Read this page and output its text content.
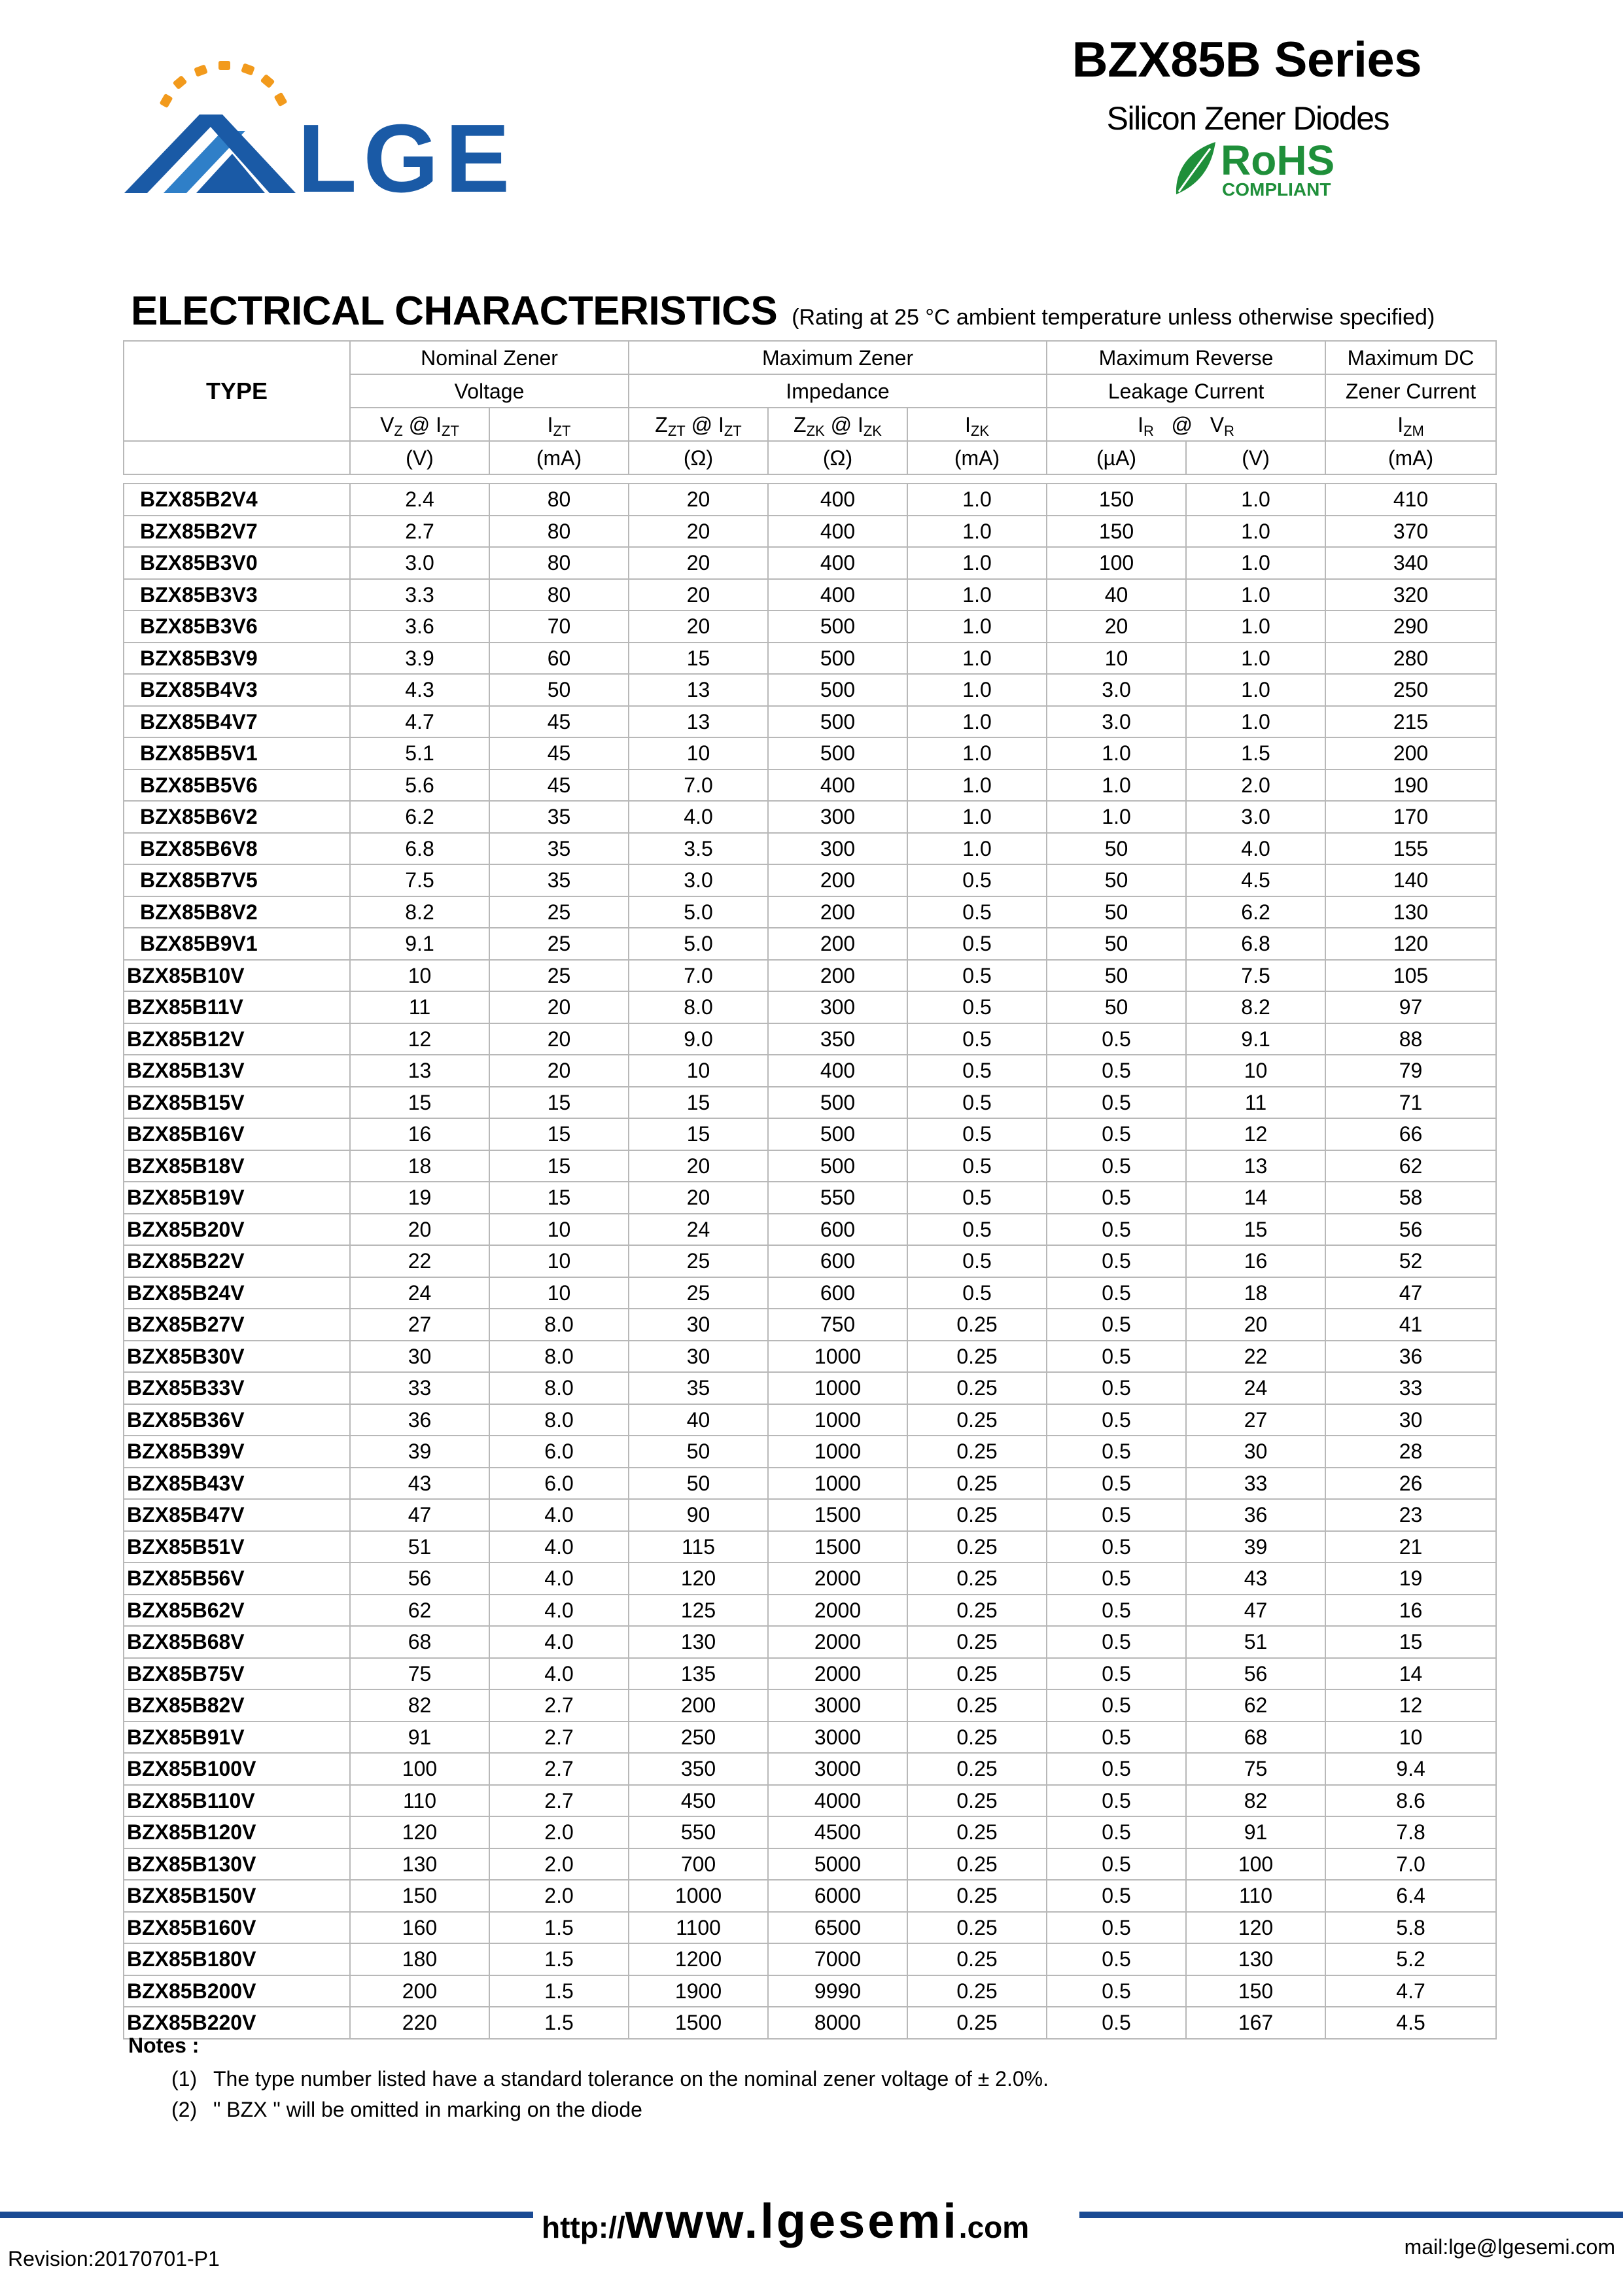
LGE
BZX85B Series
Silicon Zener Diodes
RoHS
COMPLIANT
ELECTRICAL CHARACTERISTICS (Rating at 25 °C ambient temperature unless otherwise specified)
TYPE	Nominal Zener		Maximum Zener			Maximum Reverse		Maximum DC
	Voltage		Impedance			Leakage Current		Zener Current
	$V_Z$ @ $I_{ZT}$	$I_{ZT}$	$Z_{ZT}$ @ $I_{ZT}$	$Z_{ZK}$ @ $I_{ZK}$	$I_{ZK}$	$I_R$ @ $V_R$		$I_{ZM}$
	(V)	(mA)	(Ω)	(Ω)	(mA)	(µA)	(V)	(mA)

BZX85B2V4	2.4	80	20	400	1.0	150	1.0	410
BZX85B2V7	2.7	80	20	400	1.0	150	1.0	370
BZX85B3V0	3.0	80	20	400	1.0	100	1.0	340
BZX85B3V3	3.3	80	20	400	1.0	40	1.0	320
BZX85B3V6	3.6	70	20	500	1.0	20	1.0	290
BZX85B3V9	3.9	60	15	500	1.0	10	1.0	280
BZX85B4V3	4.3	50	13	500	1.0	3.0	1.0	250
BZX85B4V7	4.7	45	13	500	1.0	3.0	1.0	215
BZX85B5V1	5.1	45	10	500	1.0	1.0	1.5	200
BZX85B5V6	5.6	45	7.0	400	1.0	1.0	2.0	190
BZX85B6V2	6.2	35	4.0	300	1.0	1.0	3.0	170
BZX85B6V8	6.8	35	3.5	300	1.0	50	4.0	155
BZX85B7V5	7.5	35	3.0	200	0.5	50	4.5	140
BZX85B8V2	8.2	25	5.0	200	0.5	50	6.2	130
BZX85B9V1	9.1	25	5.0	200	0.5	50	6.8	120
BZX85B10V	10	25	7.0	200	0.5	50	7.5	105
BZX85B11V	11	20	8.0	300	0.5	50	8.2	97
BZX85B12V	12	20	9.0	350	0.5	0.5	9.1	88
BZX85B13V	13	20	10	400	0.5	0.5	10	79
BZX85B15V	15	15	15	500	0.5	0.5	11	71
BZX85B16V	16	15	15	500	0.5	0.5	12	66
BZX85B18V	18	15	20	500	0.5	0.5	13	62
BZX85B19V	19	15	20	550	0.5	0.5	14	58
BZX85B20V	20	10	24	600	0.5	0.5	15	56
BZX85B22V	22	10	25	600	0.5	0.5	16	52
BZX85B24V	24	10	25	600	0.5	0.5	18	47
BZX85B27V	27	8.0	30	750	0.25	0.5	20	41
BZX85B30V	30	8.0	30	1000	0.25	0.5	22	36
BZX85B33V	33	8.0	35	1000	0.25	0.5	24	33
BZX85B36V	36	8.0	40	1000	0.25	0.5	27	30
BZX85B39V	39	6.0	50	1000	0.25	0.5	30	28
BZX85B43V	43	6.0	50	1000	0.25	0.5	33	26
BZX85B47V	47	4.0	90	1500	0.25	0.5	36	23
BZX85B51V	51	4.0	115	1500	0.25	0.5	39	21
BZX85B56V	56	4.0	120	2000	0.25	0.5	43	19
BZX85B62V	62	4.0	125	2000	0.25	0.5	47	16
BZX85B68V	68	4.0	130	2000	0.25	0.5	51	15
BZX85B75V	75	4.0	135	2000	0.25	0.5	56	14
BZX85B82V	82	2.7	200	3000	0.25	0.5	62	12
BZX85B91V	91	2.7	250	3000	0.25	0.5	68	10
BZX85B100V	100	2.7	350	3000	0.25	0.5	75	9.4
BZX85B110V	110	2.7	450	4000	0.25	0.5	82	8.6
BZX85B120V	120	2.0	550	4500	0.25	0.5	91	7.8
BZX85B130V	130	2.0	700	5000	0.25	0.5	100	7.0
BZX85B150V	150	2.0	1000	6000	0.25	0.5	110	6.4
BZX85B160V	160	1.5	1100	6500	0.25	0.5	120	5.8
BZX85B180V	180	1.5	1200	7000	0.25	0.5	130	5.2
BZX85B200V	200	1.5	1900	9990	0.25	0.5	150	4.7
BZX85B220V	220	1.5	1500	8000	0.25	0.5	167	4.5
Notes :
(1) The type number listed have a standard tolerance on the nominal zener voltage of ± 2.0%.
(2) " BZX " will be omitted in marking on the diode
http://www.lgesemi.com
Revision:20170701-P1	mail:lge@lgesemi.com
